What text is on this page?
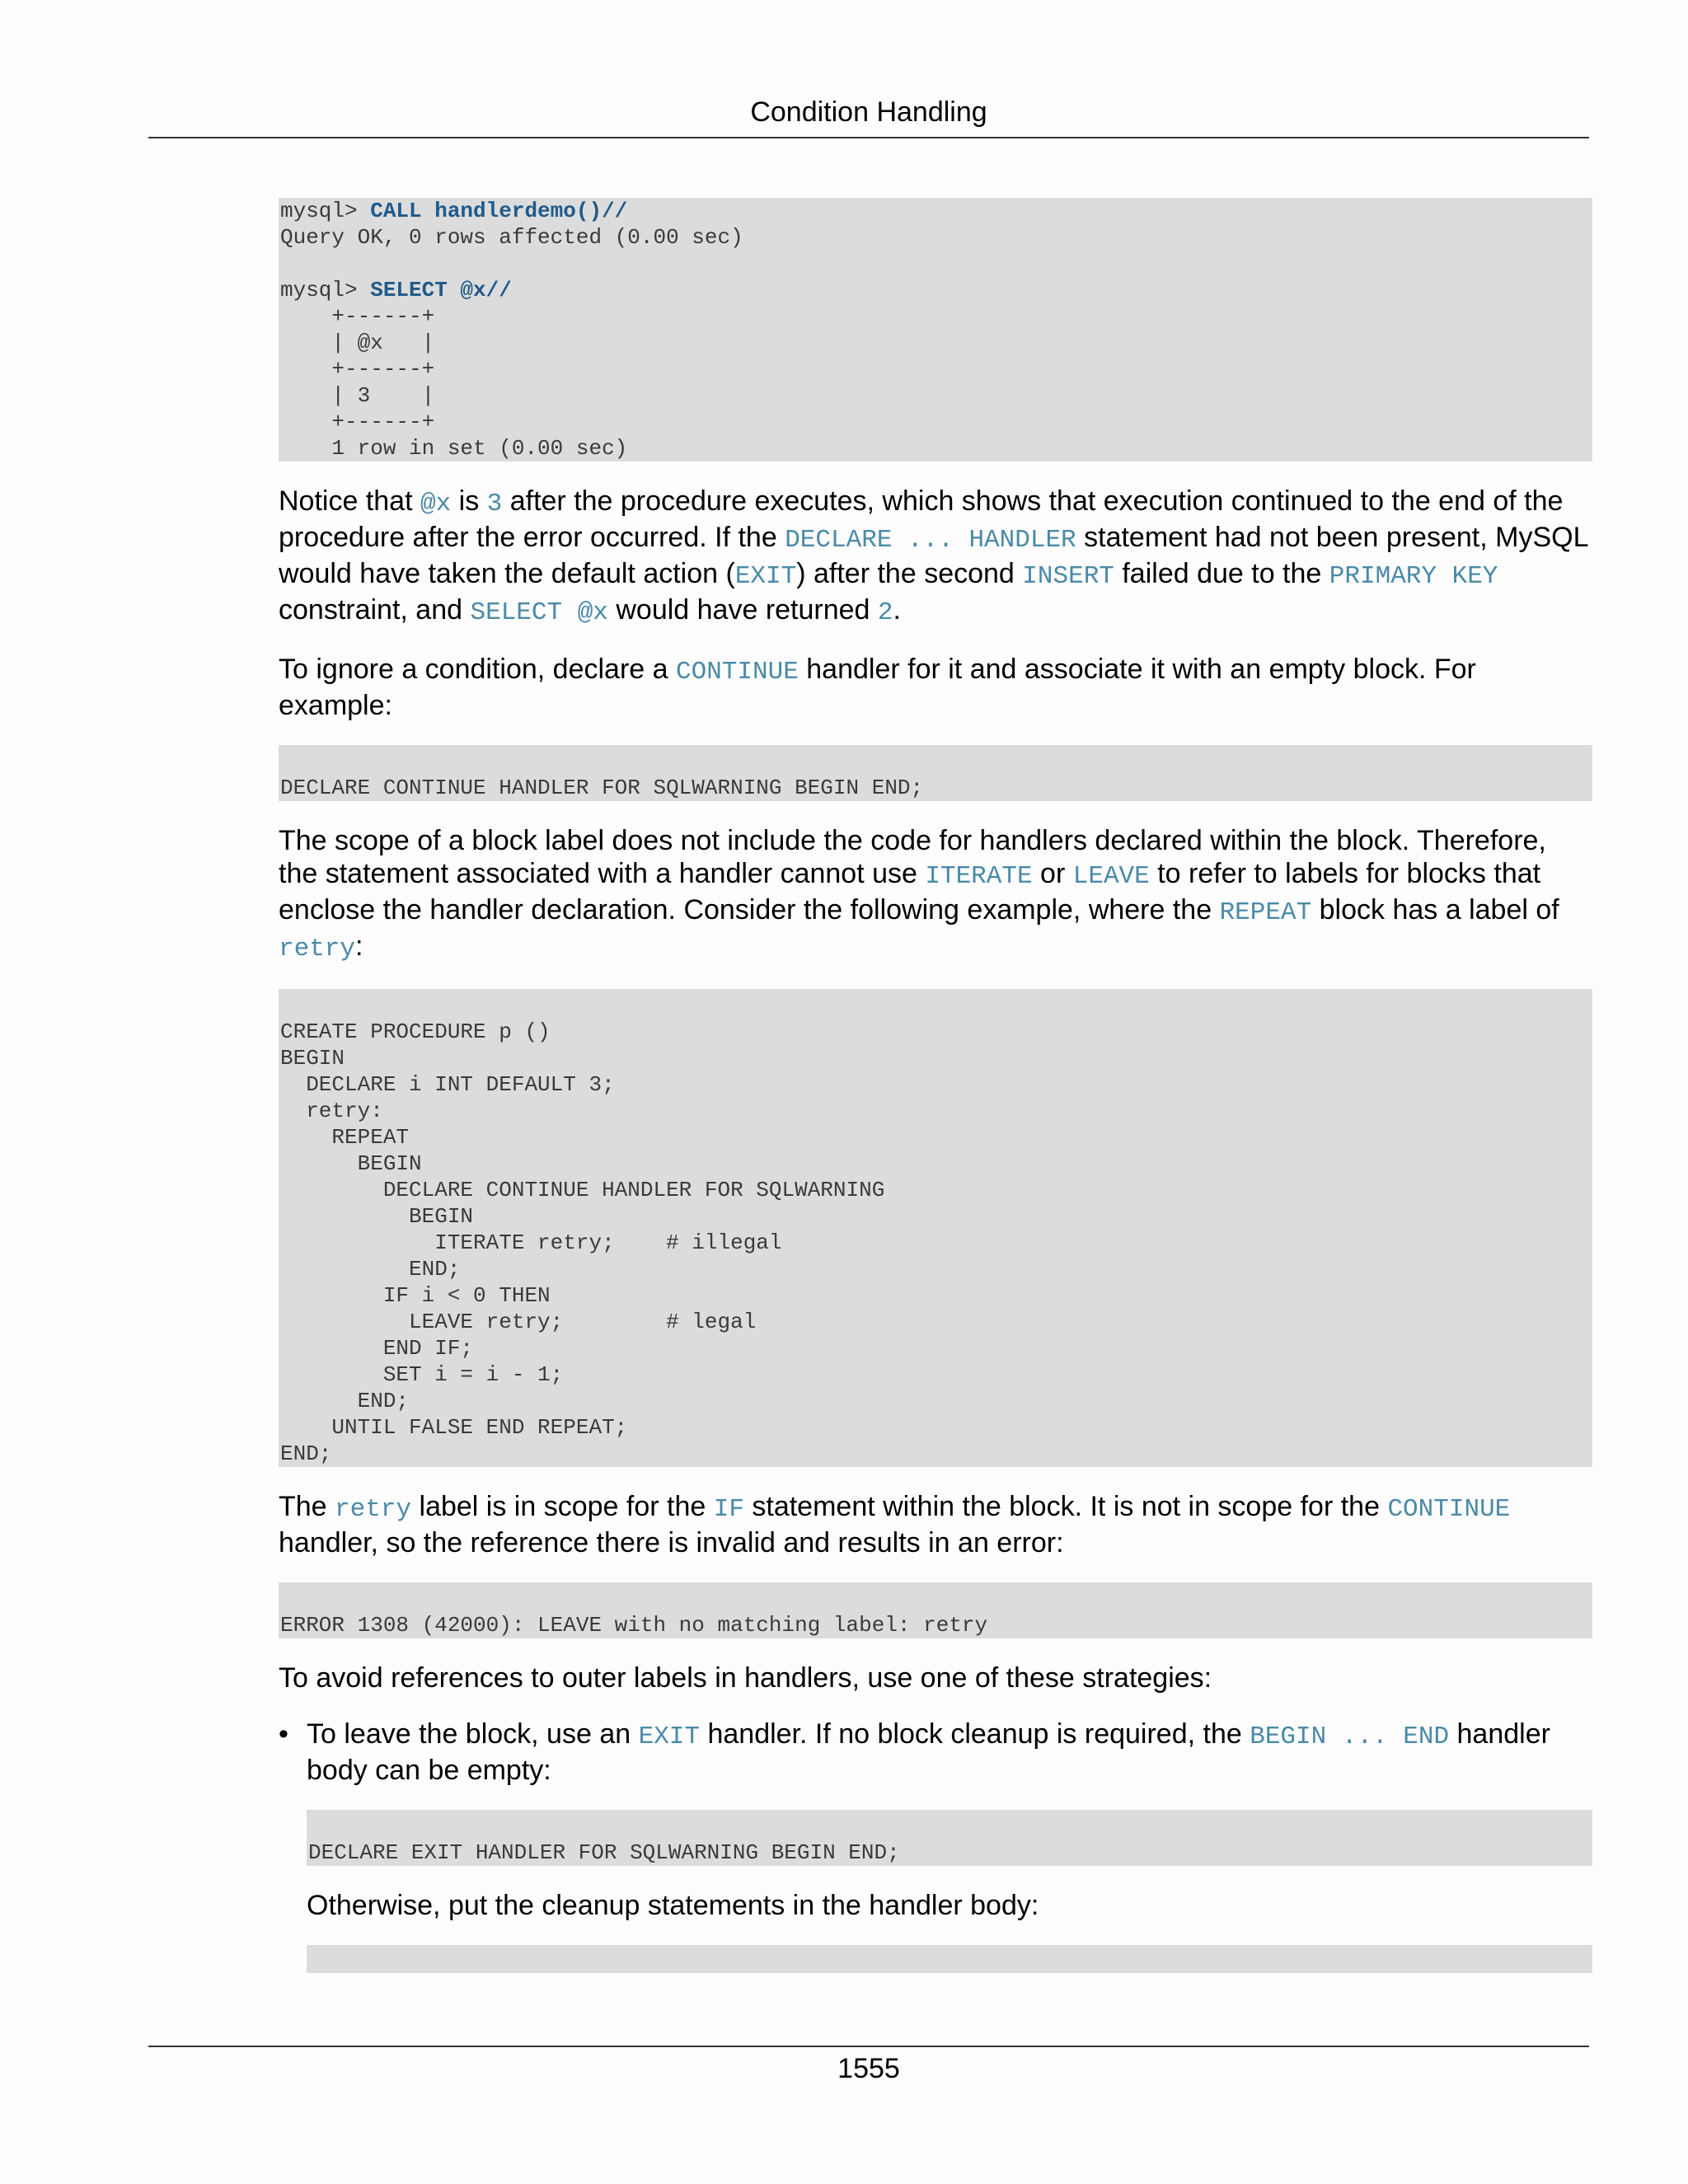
Condition Handling
mysql> CALL handlerdemo()//
Query OK, 0 rows affected (0.00 sec)

mysql> SELECT @x//
+------+
| @x   |
+------+
| 3    |
+------+
1 row in set (0.00 sec)

Notice that @x is 3 after the procedure executes, which shows that execution continued to the end of the procedure after the error occurred. If the DECLARE ... HANDLER statement had not been present, MySQL would have taken the default action (EXIT) after the second INSERT failed due to the PRIMARY KEY constraint, and SELECT @x would have returned 2.

To ignore a condition, declare a CONTINUE handler for it and associate it with an empty block. For example:

DECLARE CONTINUE HANDLER FOR SQLWARNING BEGIN END;

The scope of a block label does not include the code for handlers declared within the block. Therefore, the statement associated with a handler cannot use ITERATE or LEAVE to refer to labels for blocks that enclose the handler declaration. Consider the following example, where the REPEAT block has a label of retry:

CREATE PROCEDURE p ()
BEGIN
DECLARE i INT DEFAULT 3;
retry:
REPEAT
BEGIN
DECLARE CONTINUE HANDLER FOR SQLWARNING
BEGIN
ITERATE retry;    # illegal
END;
IF i < 0 THEN
LEAVE retry;        # legal
END IF;
SET i = i - 1;
END;
UNTIL FALSE END REPEAT;
END;

The retry label is in scope for the IF statement within the block. It is not in scope for the CONTINUE handler, so the reference there is invalid and results in an error:

ERROR 1308 (42000): LEAVE with no matching label: retry

To avoid references to outer labels in handlers, use one of these strategies:

• To leave the block, use an EXIT handler. If no block cleanup is required, the BEGIN ... END handler body can be empty:

DECLARE EXIT HANDLER FOR SQLWARNING BEGIN END;

Otherwise, put the cleanup statements in the handler body:

1555
